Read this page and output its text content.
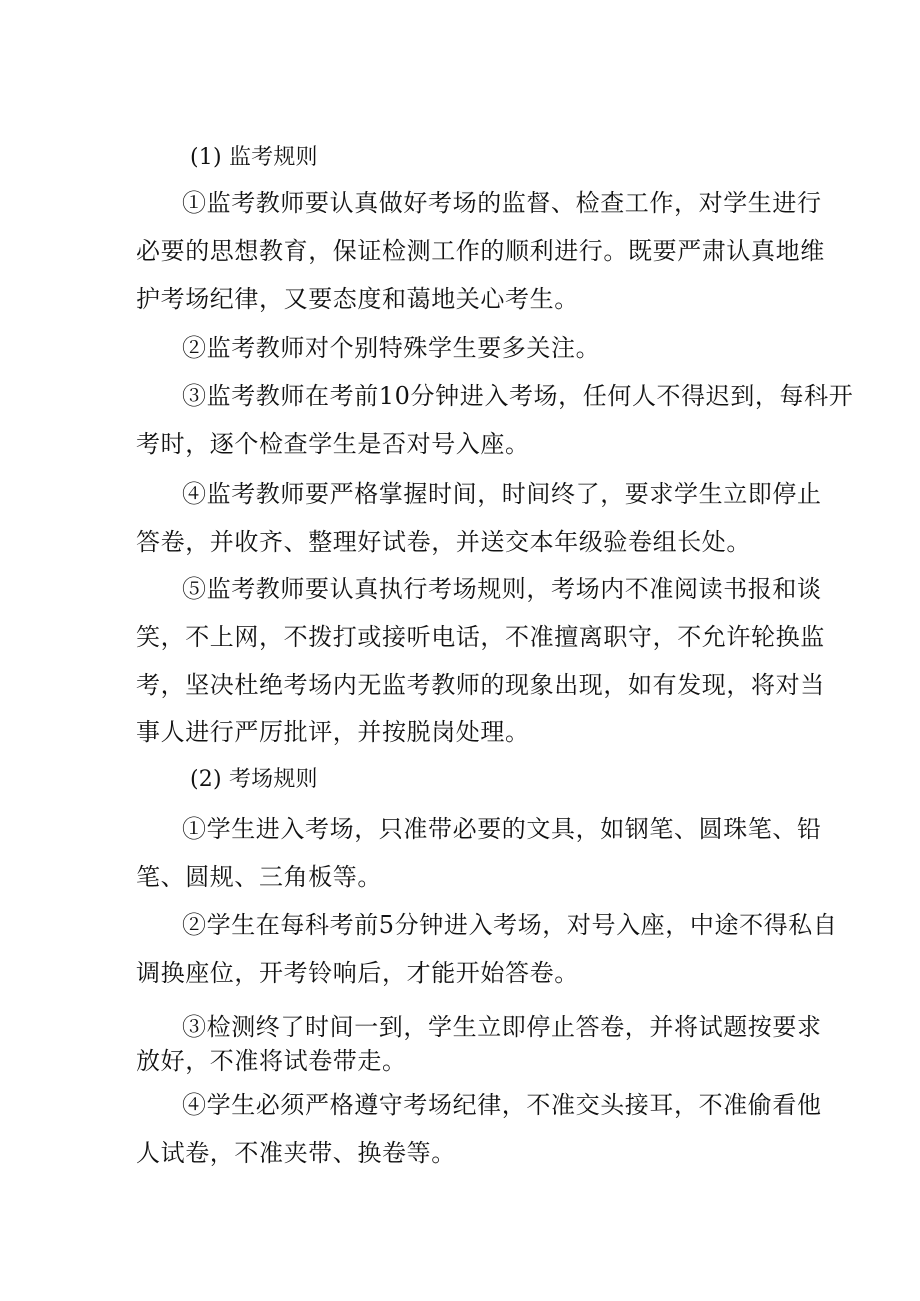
(1) 监考规则
①监考教师要认真做好考场的监督、检查工作，对学生进行
必要的思想教育，保证检测工作的顺利进行。既要严肃认真地维
护考场纪律，又要态度和蔼地关心考生。
②监考教师对个别特殊学生要多关注。
③监考教师在考前10分钟进入考场，任何人不得迟到，每科开
考时，逐个检查学生是否对号入座。
④监考教师要严格掌握时间，时间终了，要求学生立即停止
答卷，并收齐、整理好试卷，并送交本年级验卷组长处。
⑤监考教师要认真执行考场规则，考场内不准阅读书报和谈
笑，不上网，不拨打或接听电话，不准擅离职守，不允许轮换监
考，坚决杜绝考场内无监考教师的现象出现，如有发现，将对当
事人进行严厉批评，并按脱岗处理。
(2) 考场规则
①学生进入考场，只准带必要的文具，如钢笔、圆珠笔、铅
笔、圆规、三角板等。
②学生在每科考前5分钟进入考场，对号入座，中途不得私自
调换座位，开考铃响后，才能开始答卷。
③检测终了时间一到，学生立即停止答卷，并将试题按要求
放好，不准将试卷带走。
④学生必须严格遵守考场纪律，不准交头接耳，不准偷看他
人试卷，不准夹带、换卷等。
